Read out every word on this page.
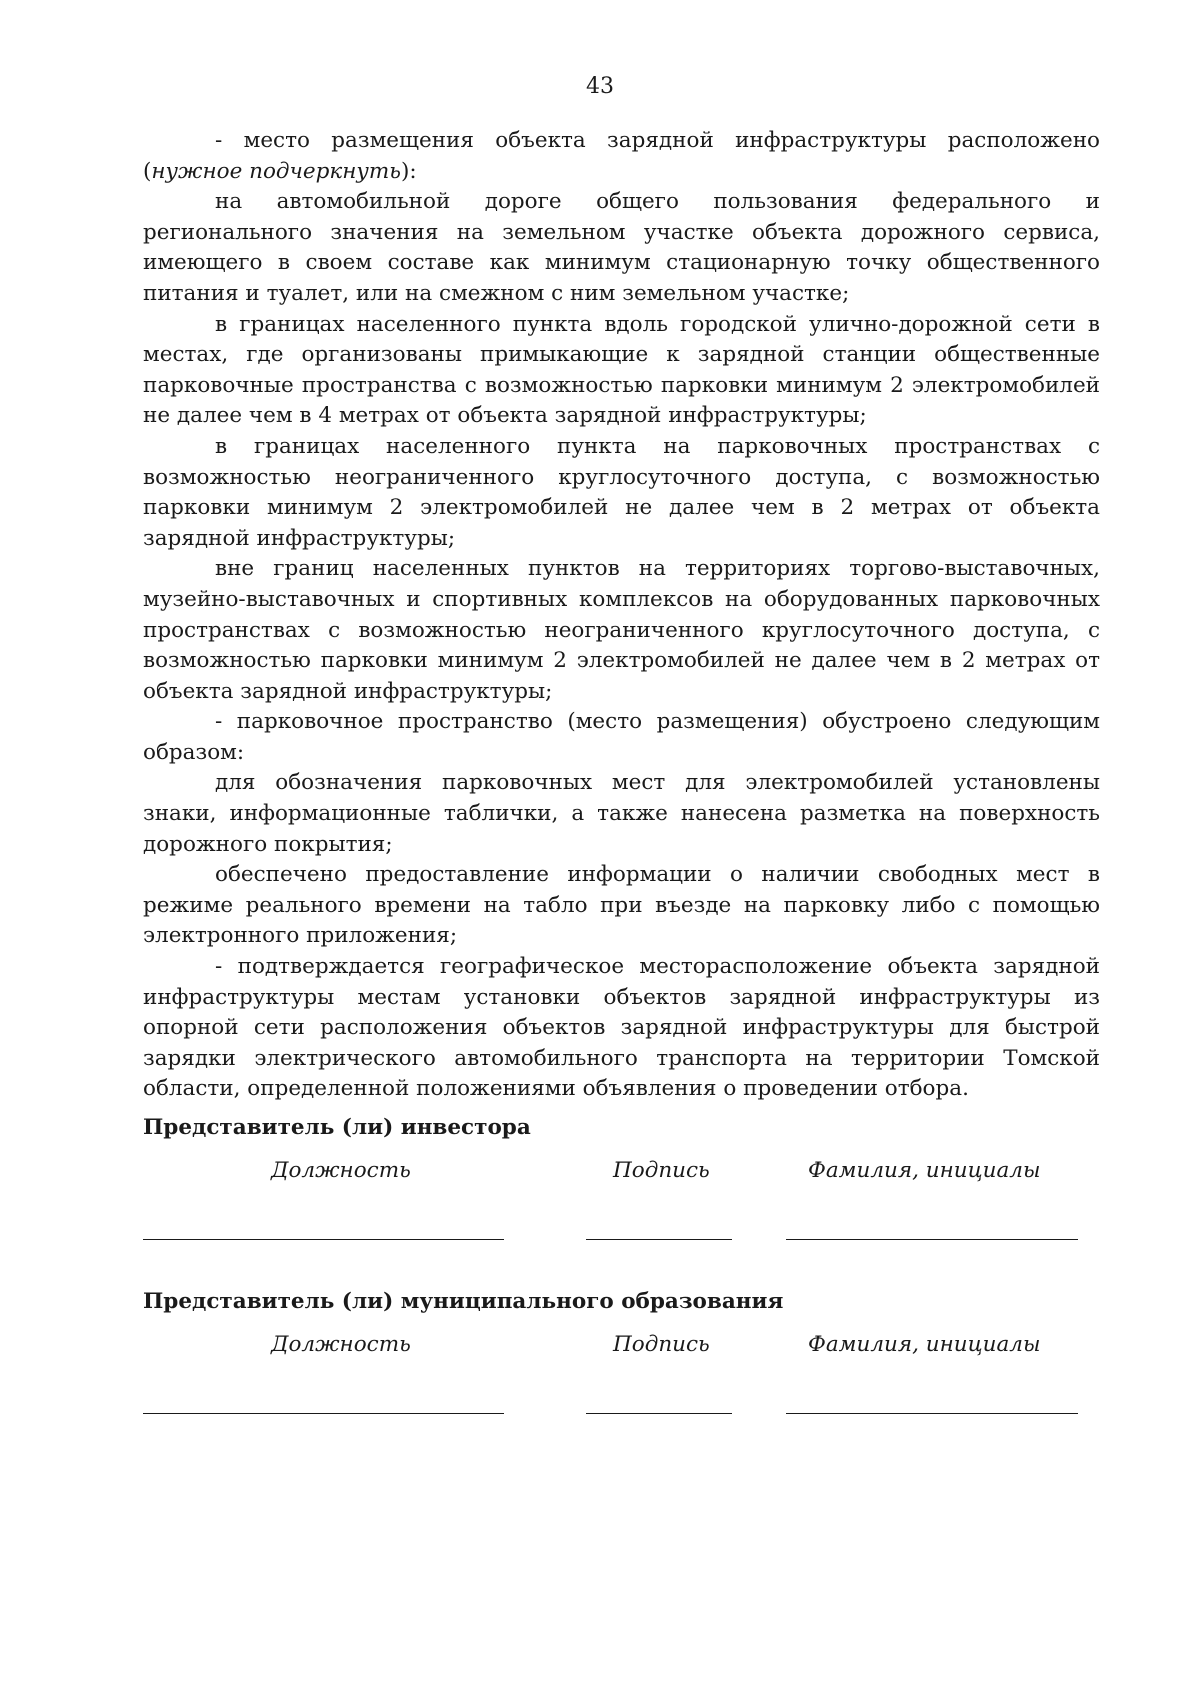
43

- место размещения объекта зарядной инфраструктуры расположено (нужное подчеркнуть):

на автомобильной дороге общего пользования федерального и регионального значения на земельном участке объекта дорожного сервиса, имеющего в своем составе как минимум стационарную точку общественного питания и туалет, или на смежном с ним земельном участке;

в границах населенного пункта вдоль городской улично-дорожной сети в местах, где организованы примыкающие к зарядной станции общественные парковочные пространства с возможностью парковки минимум 2 электромобилей не далее чем в 4 метрах от объекта зарядной инфраструктуры;

в границах населенного пункта на парковочных пространствах с возможностью неограниченного круглосуточного доступа, с возможностью парковки минимум 2 электромобилей не далее чем в 2 метрах от объекта зарядной инфраструктуры;

вне границ населенных пунктов на территориях торгово-выставочных, музейно-выставочных и спортивных комплексов на оборудованных парковочных пространствах с возможностью неограниченного круглосуточного доступа, с возможностью парковки минимум 2 электромобилей не далее чем в 2 метрах от объекта зарядной инфраструктуры;

- парковочное пространство (место размещения) обустроено следующим образом:

для обозначения парковочных мест для электромобилей установлены знаки, информационные таблички, а также нанесена разметка на поверхность дорожного покрытия;

обеспечено предоставление информации о наличии свободных мест в режиме реального времени на табло при въезде на парковку либо с помощью электронного приложения;

- подтверждается географическое месторасположение объекта зарядной инфраструктуры местам установки объектов зарядной инфраструктуры из опорной сети расположения объектов зарядной инфраструктуры для быстрой зарядки электрического автомобильного транспорта на территории Томской области, определенной положениями объявления о проведении отбора.

Представитель (ли) инвестора

Должность	Подпись	Фамилия, инициалы

Представитель (ли) муниципального образования

Должность	Подпись	Фамилия, инициалы
